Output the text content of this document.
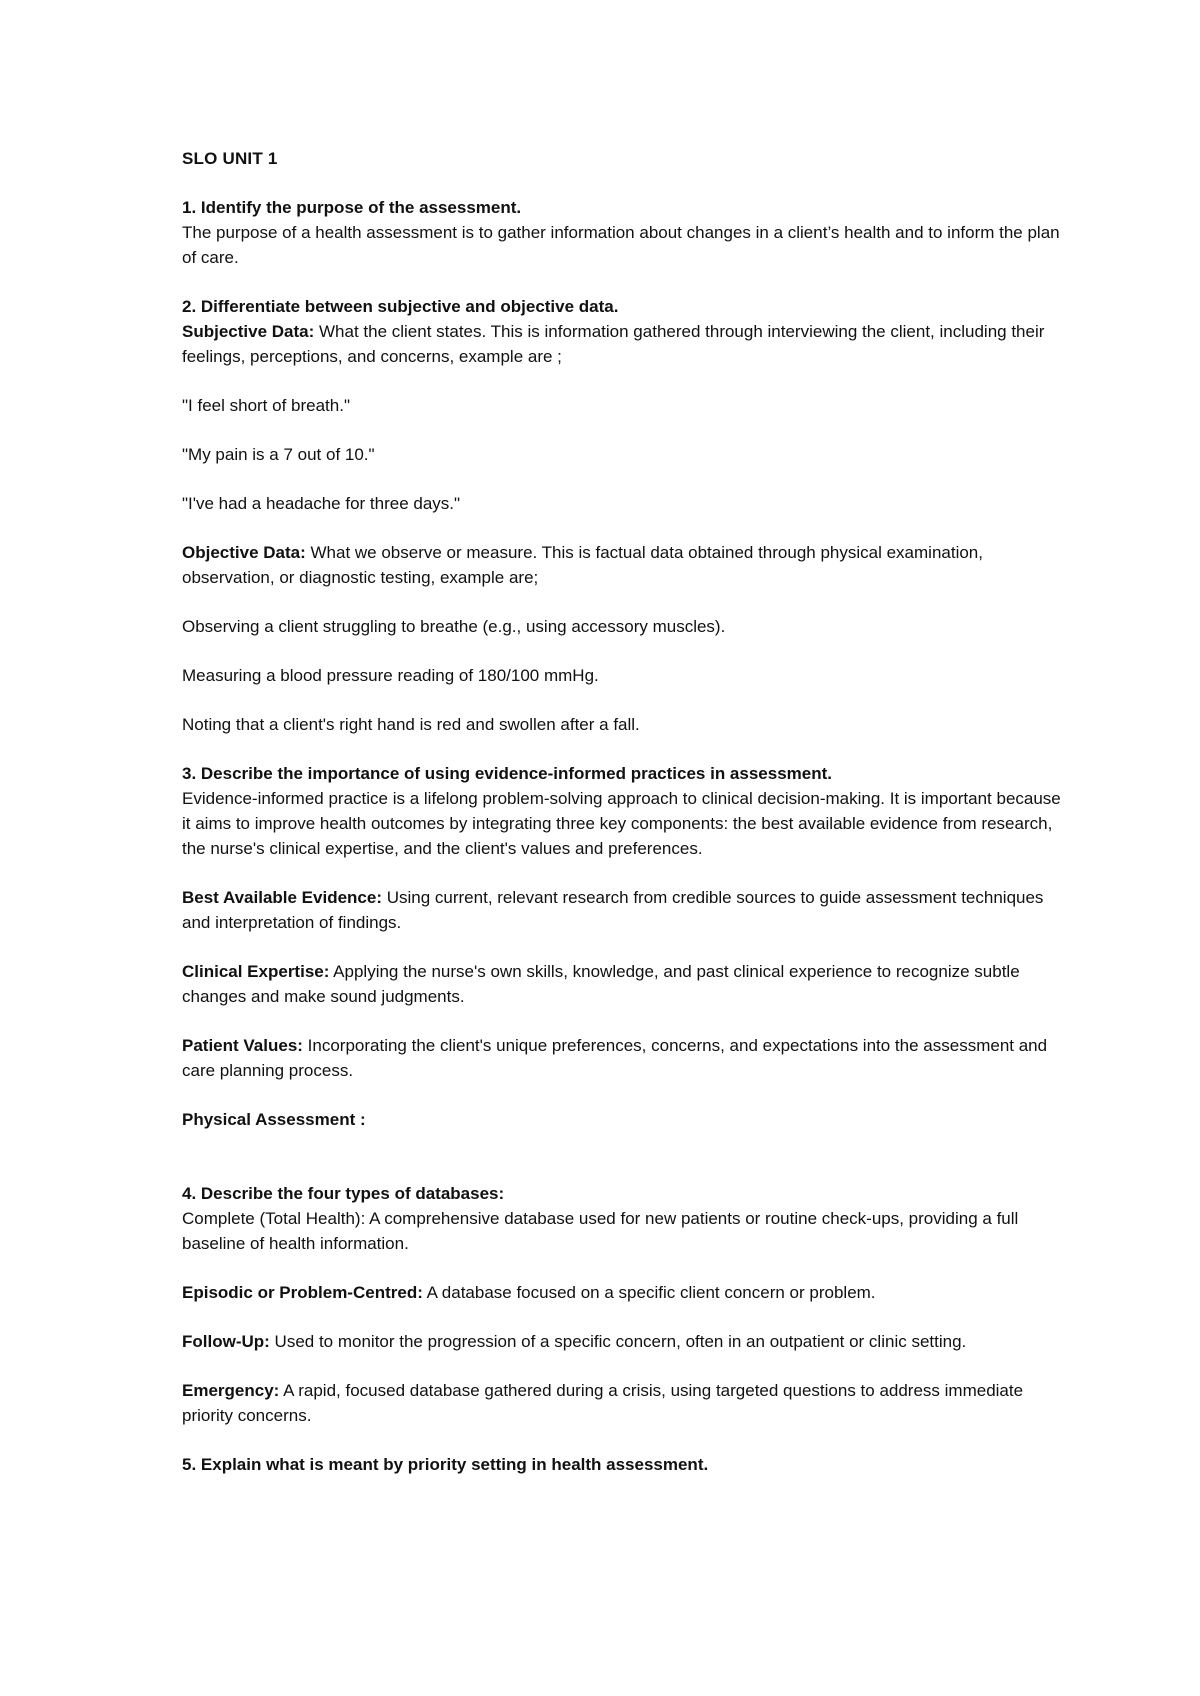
SLO UNIT 1

1. Identify the purpose of the assessment.

The purpose of a health assessment is to gather information about changes in a client’s health and to inform the plan of care.

2. Differentiate between subjective and objective data.

Subjective Data: What the client states. This is information gathered through interviewing the client, including their feelings, perceptions, and concerns, example are ;

"I feel short of breath."

"My pain is a 7 out of 10."

"I've had a headache for three days."

Objective Data: What we observe or measure. This is factual data obtained through physical examination, observation, or diagnostic testing, example are;

Observing a client struggling to breathe (e.g., using accessory muscles).

Measuring a blood pressure reading of 180/100 mmHg.

Noting that a client's right hand is red and swollen after a fall.

3. Describe the importance of using evidence-informed practices in assessment.

Evidence-informed practice is a lifelong problem-solving approach to clinical decision-making. It is important because it aims to improve health outcomes by integrating three key components: the best available evidence from research, the nurse's clinical expertise, and the client's values and preferences.

Best Available Evidence: Using current, relevant research from credible sources to guide assessment techniques and interpretation of findings.

Clinical Expertise: Applying the nurse's own skills, knowledge, and past clinical experience to recognize subtle changes and make sound judgments.

Patient Values: Incorporating the client's unique preferences, concerns, and expectations into the assessment and care planning process.

Physical Assessment :

4. Describe the four types of databases:

Complete (Total Health): A comprehensive database used for new patients or routine check-ups, providing a full baseline of health information.

Episodic or Problem-Centred: A database focused on a specific client concern or problem.

Follow-Up: Used to monitor the progression of a specific concern, often in an outpatient or clinic setting.

Emergency: A rapid, focused database gathered during a crisis, using targeted questions to address immediate priority concerns.

5. Explain what is meant by priority setting in health assessment.
